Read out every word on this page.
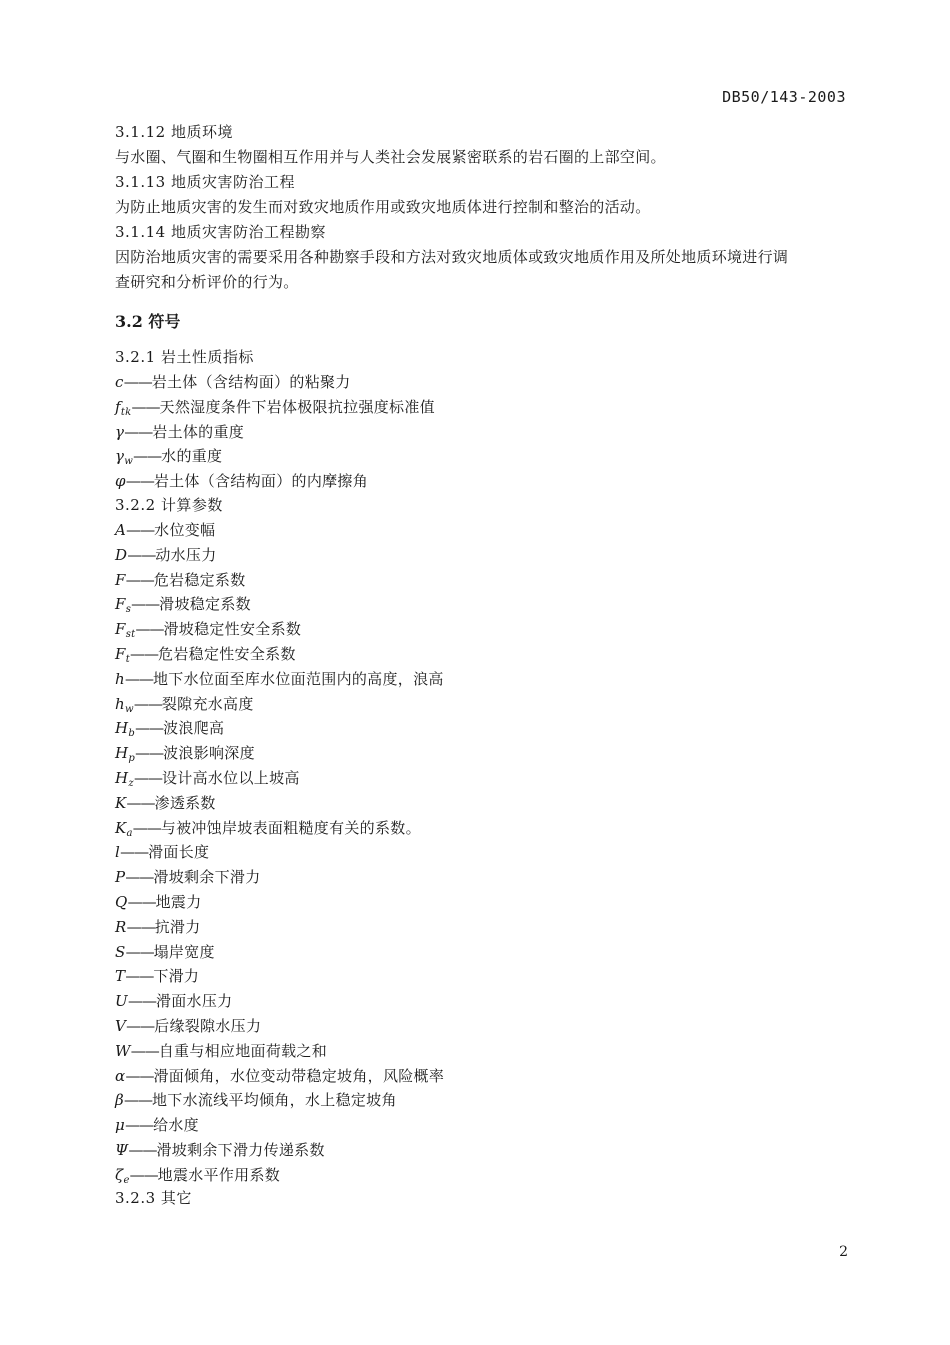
DB50/143-2003
3.1.12 地质环境
与水圈、气圈和生物圈相互作用并与人类社会发展紧密联系的岩石圈的上部空间。
3.1.13 地质灾害防治工程
为防止地质灾害的发生而对致灾地质作用或致灾地质体进行控制和整治的活动。
3.1.14 地质灾害防治工程勘察
因防治地质灾害的需要采用各种勘察手段和方法对致灾地质体或致灾地质作用及所处地质环境进行调
查研究和分析评价的行为。
3.2 符号
3.2.1 岩土性质指标
c——岩土体（含结构面）的粘聚力
$f_{tk}——$天然湿度条件下岩体极限抗拉强度标准值
γ——岩土体的重度
$\gamma_w——$水的重度
φ——岩土体（含结构面）的内摩擦角
3.2.2 计算参数
A——水位变幅
D——动水压力
F——危岩稳定系数
$F_s——$滑坡稳定系数
$F_{st}——$滑坡稳定性安全系数
$F_t——$危岩稳定性安全系数
h——地下水位面至库水位面范围内的高度，浪高
$h_w——$裂隙充水高度
$H_b——$波浪爬高
$H_p——$波浪影响深度
$H_z——$设计高水位以上坡高
K——渗透系数
$K_a——$与被冲蚀岸坡表面粗糙度有关的系数。
l——滑面长度
P——滑坡剩余下滑力
Q——地震力
R——抗滑力
S——塌岸宽度
T——下滑力
U——滑面水压力
V——后缘裂隙水压力
W——自重与相应地面荷载之和
α——滑面倾角，水位变动带稳定坡角，风险概率
β——地下水流线平均倾角，水上稳定坡角
μ——给水度
Ψ——滑坡剩余下滑力传递系数
$\zeta_e——$地震水平作用系数
3.2.3 其它
2
